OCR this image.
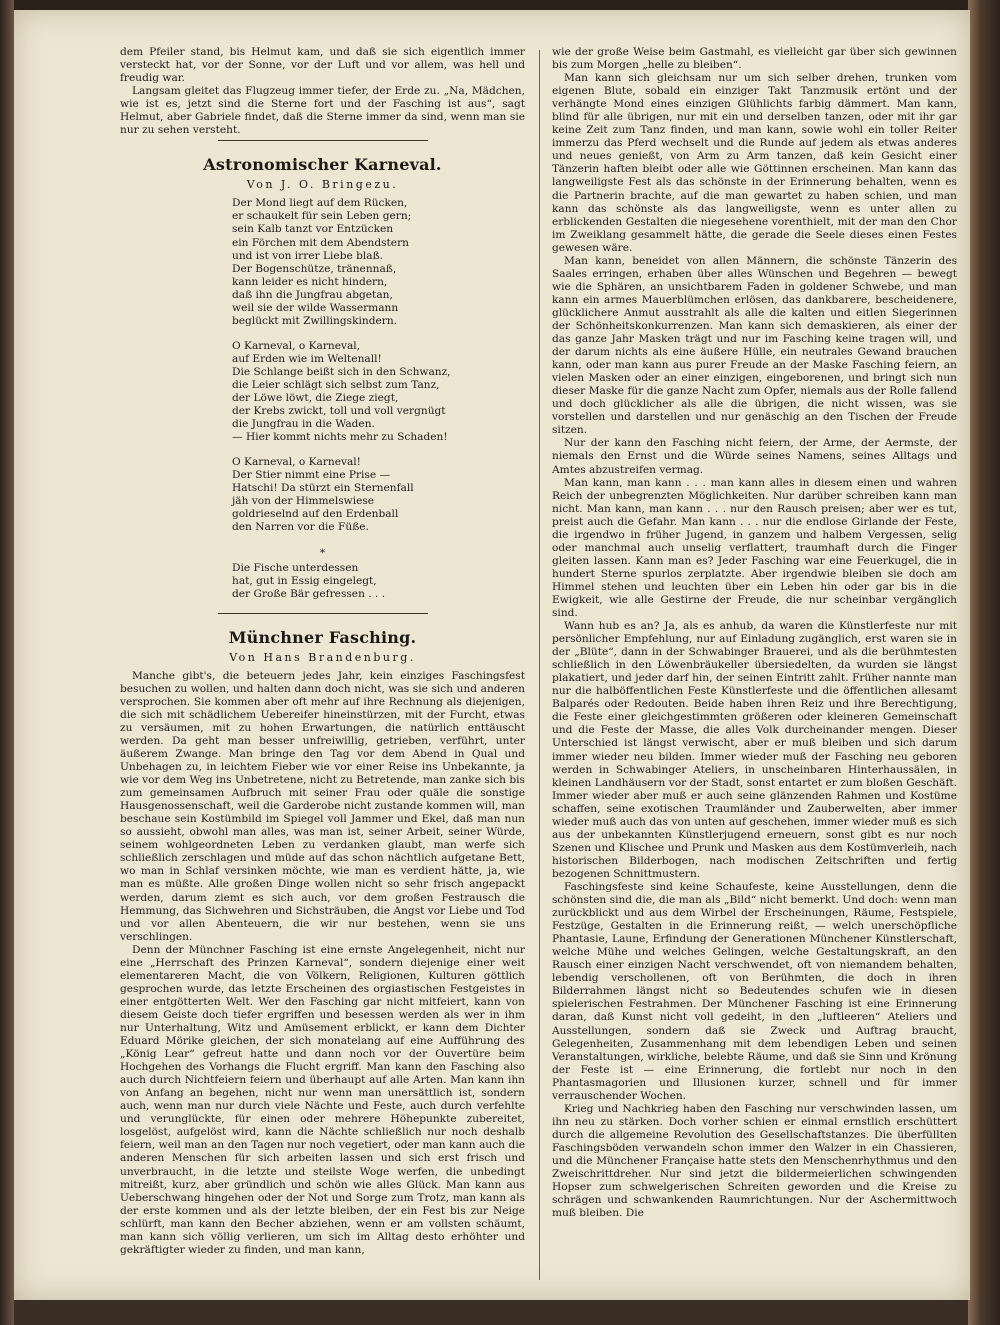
dem Pfeiler stand, bis Helmut kam, und daß sie sich eigentlich immer versteckt hat, vor der Sonne, vor der Luft und vor allem, was hell und freudig war.

Langsam gleitet das Flugzeug immer tiefer, der Erde zu. „Na, Mädchen, wie ist es, jetzt sind die Sterne fort und der Fasching ist aus“, sagt Helmut, aber Gabriele findet, daß die Sterne immer da sind, wenn man sie nur zu sehen versteht.

Astronomischer Karneval.
Von J. O. Bringezu.
Der Mond liegt auf dem Rücken,
er schaukelt für sein Leben gern;
sein Kalb tanzt vor Entzücken
ein Förchen mit dem Abendstern
und ist von irrer Liebe blaß.
Der Bogenschütze, tränennaß,
kann leider es nicht hindern,
daß ihn die Jungfrau abgetan,
weil sie der wilde Wassermann
beglückt mit Zwillingskindern.
O Karneval, o Karneval,
auf Erden wie im Weltenall!
Die Schlange beißt sich in den Schwanz,
die Leier schlägt sich selbst zum Tanz,
der Löwe löwt, die Ziege ziegt,
der Krebs zwickt, toll und voll vergnügt
die Jungfrau in die Waden.
— Hier kommt nichts mehr zu Schaden!
O Karneval, o Karneval!
Der Stier nimmt eine Prise —
Hatschi! Da stürzt ein Sternenfall
jäh von der Himmelswiese
goldrieselnd auf den Erdenball
den Narren vor die Füße.
*
Die Fische unterdessen
hat, gut in Essig eingelegt,
der Große Bär gefressen . . .
Münchner Fasching.
Von Hans Brandenburg.

Manche gibt's, die beteuern jedes Jahr, kein einziges Faschingsfest besuchen zu wollen, und halten dann doch nicht, was sie sich und anderen versprochen. Sie kommen aber oft mehr auf ihre Rechnung als diejenigen, die sich mit schädlichem Uebereifer hineinstürzen, mit der Furcht, etwas zu versäumen, mit zu hohen Erwartungen, die natürlich enttäuscht werden. Da geht man besser unfreiwillig, getrieben, verführt, unter äußerem Zwange. Man bringe den Tag vor dem Abend in Qual und Unbehagen zu, in leichtem Fieber wie vor einer Reise ins Unbekannte, ja wie vor dem Weg ins Unbetretene, nicht zu Betretende, man zanke sich bis zum gemeinsamen Aufbruch mit seiner Frau oder quäle die sonstige Hausgenossenschaft, weil die Garderobe nicht zustande kommen will, man beschaue sein Kostümbild im Spiegel voll Jammer und Ekel, daß man nun so aussieht, obwohl man alles, was man ist, seiner Arbeit, seiner Würde, seinem wohlgeordneten Leben zu verdanken glaubt, man werfe sich schließlich zerschlagen und müde auf das schon nächtlich aufgetane Bett, wo man in Schlaf versinken möchte, wie man es verdient hätte, ja, wie man es müßte. Alle großen Dinge wollen nicht so sehr frisch angepackt werden, darum ziemt es sich auch, vor dem großen Festrausch die Hemmung, das Sichwehren und Sichsträuben, die Angst vor Liebe und Tod und vor allen Abenteuern, die wir nur bestehen, wenn sie uns verschlingen.

Denn der Münchner Fasching ist eine ernste Angelegenheit, nicht nur eine „Herrschaft des Prinzen Karneval“, sondern diejenige einer weit elementareren Macht, die von Völkern, Religionen, Kulturen göttlich gesprochen wurde, das letzte Erscheinen des orgiastischen Festgeistes in einer entgötterten Welt. Wer den Fasching gar nicht mitfeiert, kann von diesem Geiste doch tiefer ergriffen und besessen werden als wer in ihm nur Unterhaltung, Witz und Amüsement erblickt, er kann dem Dichter Eduard Mörike gleichen, der sich monatelang auf eine Aufführung des „König Lear“ gefreut hatte und dann noch vor der Ouvertüre beim Hochgehen des Vorhangs die Flucht ergriff. Man kann den Fasching also auch durch Nichtfeiern feiern und überhaupt auf alle Arten. Man kann ihn von Anfang an begehen, nicht nur wenn man unersättlich ist, sondern auch, wenn man nur durch viele Nächte und Feste, auch durch verfehlte und verunglückte, für einen oder mehrere Höhepunkte zubereitet, losgelöst, aufgelöst wird, kann die Nächte schließlich nur noch deshalb feiern, weil man an den Tagen nur noch vegetiert, oder man kann auch die anderen Menschen für sich arbeiten lassen und sich erst frisch und unverbraucht, in die letzte und steilste Woge werfen, die unbedingt mitreißt, kurz, aber gründlich und schön wie alles Glück. Man kann aus Ueberschwang hingehen oder der Not und Sorge zum Trotz, man kann als der erste kommen und als der letzte bleiben, der ein Fest bis zur Neige schlürft, man kann den Becher abziehen, wenn er am vollsten schäumt, man kann sich völlig verlieren, um sich im Alltag desto erhöhter und gekräftigter wieder zu finden, und man kann,

wie der große Weise beim Gastmahl, es vielleicht gar über sich gewinnen bis zum Morgen „helle zu bleiben“.

Man kann sich gleichsam nur um sich selber drehen, trunken vom eigenen Blute, sobald ein einziger Takt Tanzmusik ertönt und der verhängte Mond eines einzigen Glühlichts farbig dämmert. Man kann, blind für alle übrigen, nur mit ein und derselben tanzen, oder mit ihr gar keine Zeit zum Tanz finden, und man kann, sowie wohl ein toller Reiter immerzu das Pferd wechselt und die Runde auf jedem als etwas anderes und neues genießt, von Arm zu Arm tanzen, daß kein Gesicht einer Tänzerin haften bleibt oder alle wie Göttinnen erscheinen. Man kann das langweiligste Fest als das schönste in der Erinnerung behalten, wenn es die Partnerin brachte, auf die man gewartet zu haben schien, und man kann das schönste als das langweiligste, wenn es unter allen zu erblickenden Gestalten die niegesehene vorenthielt, mit der man den Chor im Zweiklang gesammelt hätte, die gerade die Seele dieses einen Festes gewesen wäre.

Man kann, beneidet von allen Männern, die schönste Tänzerin des Saales erringen, erhaben über alles Wünschen und Begehren — bewegt wie die Sphären, an unsichtbarem Faden in goldener Schwebe, und man kann ein armes Mauerblümchen erlösen, das dankbarere, bescheidenere, glücklichere Anmut ausstrahlt als alle die kalten und eitlen Siegerinnen der Schönheitskonkurrenzen. Man kann sich demaskieren, als einer der das ganze Jahr Masken trägt und nur im Fasching keine tragen will, und der darum nichts als eine äußere Hülle, ein neutrales Gewand brauchen kann, oder man kann aus purer Freude an der Maske Fasching feiern, an vielen Masken oder an einer einzigen, eingeborenen, und bringt sich nun dieser Maske für die ganze Nacht zum Opfer, niemals aus der Rolle fallend und doch glücklicher als alle die übrigen, die nicht wissen, was sie vorstellen und darstellen und nur genäschig an den Tischen der Freude sitzen.

Nur der kann den Fasching nicht feiern, der Arme, der Aermste, der niemals den Ernst und die Würde seines Namens, seines Alltags und Amtes abzustreifen vermag.

Man kann, man kann . . . man kann alles in diesem einen und wahren Reich der unbegrenzten Möglichkeiten. Nur darüber schreiben kann man nicht. Man kann, man kann . . . nur den Rausch preisen; aber wer es tut, preist auch die Gefahr. Man kann . . . nur die endlose Girlande der Feste, die irgendwo in früher Jugend, in ganzem und halbem Vergessen, selig oder manchmal auch unselig verflattert, traumhaft durch die Finger gleiten lassen. Kann man es? Jeder Fasching war eine Feuerkugel, die in hundert Sterne spurlos zerplatzte. Aber irgendwie bleiben sie doch am Himmel stehen und leuchten über ein Leben hin oder gar bis in die Ewigkeit, wie alle Gestirne der Freude, die nur scheinbar vergänglich sind.

Wann hub es an? Ja, als es anhub, da waren die Künstlerfeste nur mit persönlicher Empfehlung, nur auf Einladung zugänglich, erst waren sie in der „Blüte“, dann in der Schwabinger Brauerei, und als die berühmtesten schließlich in den Löwenbräukeller übersiedelten, da wurden sie längst plakatiert, und jeder darf hin, der seinen Eintritt zahlt. Früher nannte man nur die halböffentlichen Feste Künstlerfeste und die öffentlichen allesamt Balparés oder Redouten. Beide haben ihren Reiz und ihre Berechtigung, die Feste einer gleichgestimmten größeren oder kleineren Gemeinschaft und die Feste der Masse, die alles Volk durcheinander mengen. Dieser Unterschied ist längst verwischt, aber er muß bleiben und sich darum immer wieder neu bilden. Immer wieder muß der Fasching neu geboren werden in Schwabinger Ateliers, in unscheinbaren Hinterhaussälen, in kleinen Landhäusern vor der Stadt, sonst entartet er zum bloßen Geschäft. Immer wieder aber muß er auch seine glänzenden Rahmen und Kostüme schaffen, seine exotischen Traumländer und Zauberwelten, aber immer wieder muß auch das von unten auf geschehen, immer wieder muß es sich aus der unbekannten Künstlerjugend erneuern, sonst gibt es nur noch Szenen und Klischee und Prunk und Masken aus dem Kostümverleih, nach historischen Bilderbogen, nach modischen Zeitschriften und fertig bezogenen Schnittmustern.

Faschingsfeste sind keine Schaufeste, keine Ausstellungen, denn die schönsten sind die, die man als „Bild“ nicht bemerkt. Und doch: wenn man zurückblickt und aus dem Wirbel der Erscheinungen, Räume, Festspiele, Festzüge, Gestalten in die Erinnerung reißt, — welch unerschöpfliche Phantasie, Laune, Erfindung der Generationen Münchener Künstlerschaft, welche Mühe und welches Gelingen, welche Gestaltungskraft, an den Rausch einer einzigen Nacht verschwendet, oft von niemandem behalten, lebendig verschollenen, oft von Berühmten, die doch in ihren Bilderrahmen längst nicht so Bedeutendes schufen wie in diesen spielerischen Festrahmen. Der Münchener Fasching ist eine Erinnerung daran, daß Kunst nicht voll gedeiht, in den „luftleeren“ Ateliers und Ausstellungen, sondern daß sie Zweck und Auftrag braucht, Gelegenheiten, Zusammenhang mit dem lebendigen Leben und seinen Veranstaltungen, wirkliche, belebte Räume, und daß sie Sinn und Krönung der Feste ist — eine Erinnerung, die fortlebt nur noch in den Phantasmagorien und Illusionen kurzer, schnell und für immer verrauschender Wochen.

Krieg und Nachkrieg haben den Fasching nur verschwinden lassen, um ihn neu zu stärken. Doch vorher schien er einmal ernstlich erschüttert durch die allgemeine Revolution des Gesellschaftstanzes. Die überfüllten Faschingsböden verwandeln schon immer den Walzer in ein Chassieren, und die Münchener Française hatte stets den Menschenrhythmus und den Zweischrittdreher. Nur sind jetzt die bildermeierlichen schwingenden Hopser zum schwelgerischen Schreiten geworden und die Kreise zu schrägen und schwankenden Raumrichtungen. Nur der Aschermittwoch muß bleiben. Die
